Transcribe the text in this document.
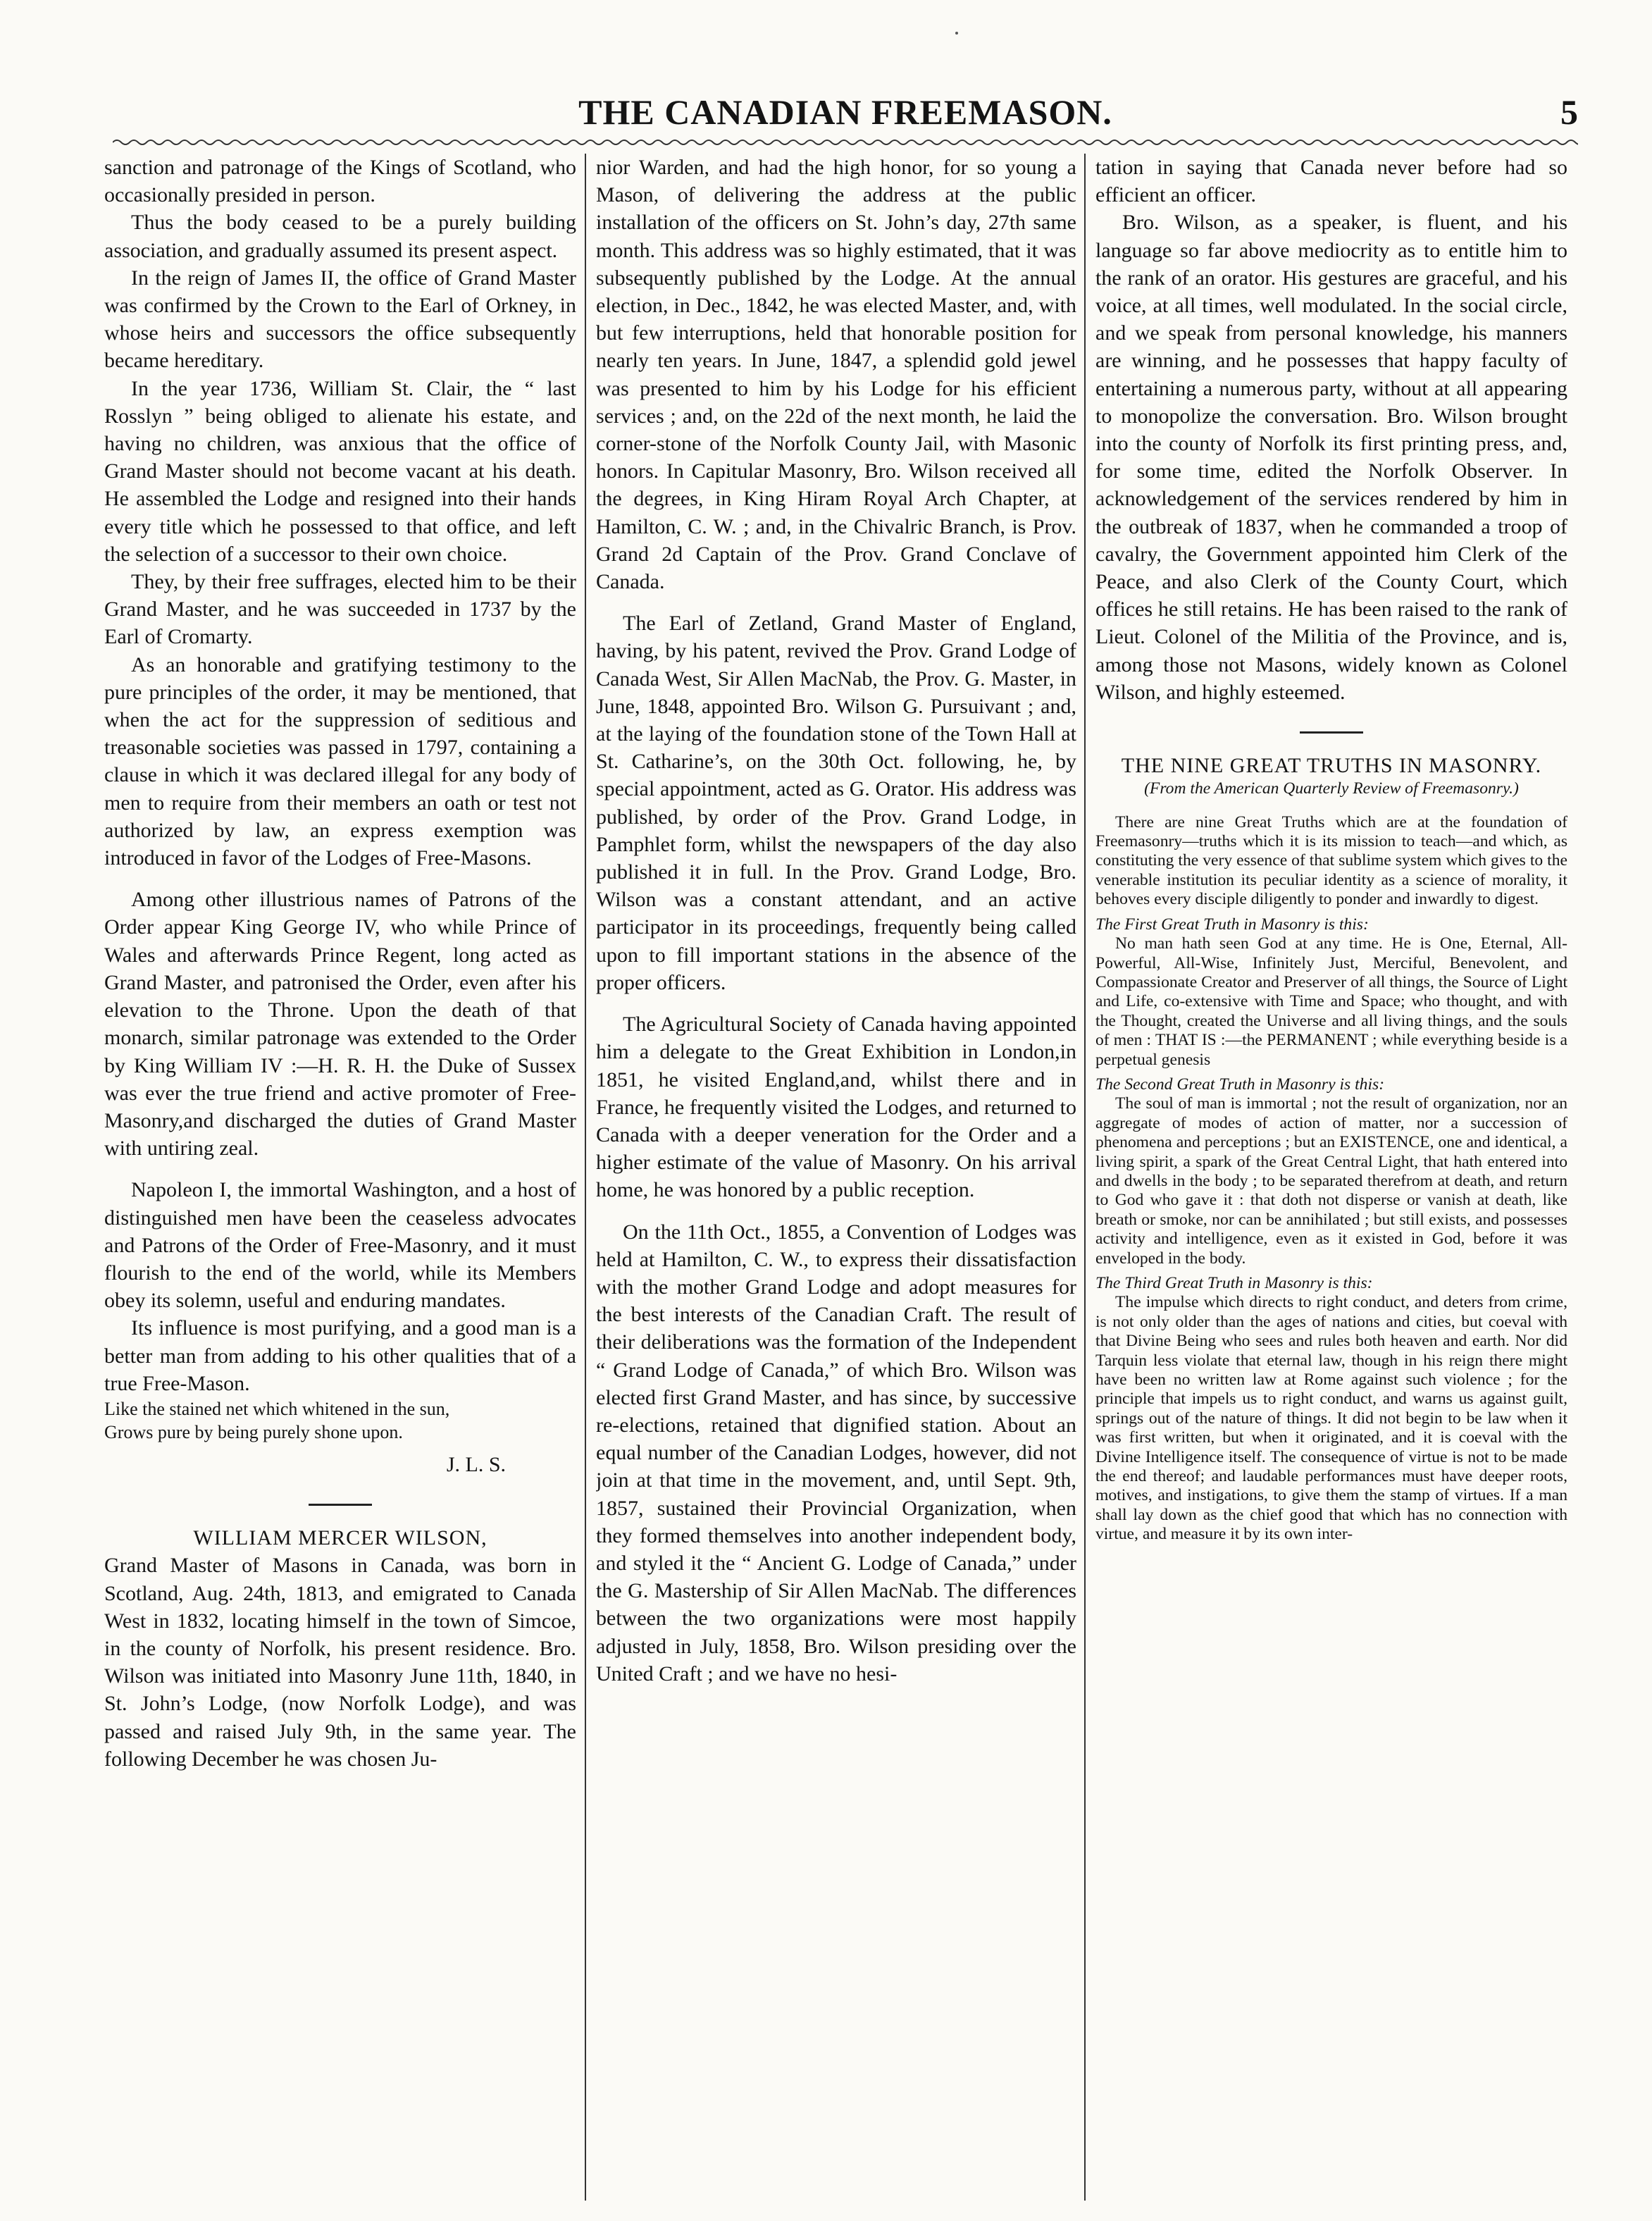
THE CANADIAN FREEMASON.	5

sanction and patronage of the Kings of Scotland, who occasionally presided in person.

Thus the body ceased to be a purely building association, and gradually assumed its present aspect.

In the reign of James II, the office of Grand Master was confirmed by the Crown to the Earl of Orkney, in whose heirs and successors the office subsequently became hereditary.

In the year 1736, William St. Clair, the “ last Rosslyn ” being obliged to alienate his estate, and having no children, was anxious that the office of Grand Master should not become vacant at his death. He assembled the Lodge and resigned into their hands every title which he possessed to that office, and left the selection of a successor to their own choice.

They, by their free suffrages, elected him to be their Grand Master, and he was succeeded in 1737 by the Earl of Cromarty.

As an honorable and gratifying testimony to the pure principles of the order, it may be mentioned, that when the act for the suppression of seditious and treasonable societies was passed in 1797, containing a clause in which it was declared illegal for any body of men to require from their members an oath or test not authorized by law, an express exemption was introduced in favor of the Lodges of Free-Masons.

Among other illustrious names of Patrons of the Order appear King George IV, who while Prince of Wales and afterwards Prince Regent, long acted as Grand Master, and patronised the Order, even after his elevation to the Throne. Upon the death of that monarch, similar patronage was extended to the Order by King William IV :—H. R. H. the Duke of Sussex was ever the true friend and active promoter of Free-Masonry,and discharged the duties of Grand Master with untiring zeal.

Napoleon I, the immortal Washington, and a host of distinguished men have been the ceaseless advocates and Patrons of the Order of Free-Masonry, and it must flourish to the end of the world, while its Members obey its solemn, useful and enduring mandates.

Its influence is most purifying, and a good man is a better man from adding to his other qualities that of a true Free-Mason.

Like the stained net which whitened in the sun,

Grows pure by being purely shone upon.

J. L. S.

WILLIAM MERCER WILSON,

Grand Master of Masons in Canada, was born in Scotland, Aug. 24th, 1813, and emigrated to Canada West in 1832, locating himself in the town of Simcoe, in the county of Norfolk, his present residence. Bro. Wilson was initiated into Masonry June 11th, 1840, in St. John’s Lodge, (now Norfolk Lodge), and was passed and raised July 9th, in the same year. The following December he was chosen Ju-

nior Warden, and had the high honor, for so young a Mason, of delivering the address at the public installation of the officers on St. John’s day, 27th same month. This address was so highly estimated, that it was subsequently published by the Lodge. At the annual election, in Dec., 1842, he was elected Master, and, with but few interruptions, held that honorable position for nearly ten years. In June, 1847, a splendid gold jewel was presented to him by his Lodge for his efficient services ; and, on the 22d of the next month, he laid the corner-stone of the Norfolk County Jail, with Masonic honors. In Capitular Masonry, Bro. Wilson received all the degrees, in King Hiram Royal Arch Chapter, at Hamilton, C. W. ; and, in the Chivalric Branch, is Prov. Grand 2d Captain of the Prov. Grand Conclave of Canada.

The Earl of Zetland, Grand Master of England, having, by his patent, revived the Prov. Grand Lodge of Canada West, Sir Allen MacNab, the Prov. G. Master, in June, 1848, appointed Bro. Wilson G. Pursuivant ; and, at the laying of the foundation stone of the Town Hall at St. Catharine’s, on the 30th Oct. following, he, by special appointment, acted as G. Orator. His address was published, by order of the Prov. Grand Lodge, in Pamphlet form, whilst the newspapers of the day also published it in full. In the Prov. Grand Lodge, Bro. Wilson was a constant attendant, and an active participator in its proceedings, frequently being called upon to fill important stations in the absence of the proper officers.

The Agricultural Society of Canada having appointed him a delegate to the Great Exhibition in London,in 1851, he visited England,and, whilst there and in France, he frequently visited the Lodges, and returned to Canada with a deeper veneration for the Order and a higher estimate of the value of Masonry. On his arrival home, he was honored by a public reception.

On the 11th Oct., 1855, a Convention of Lodges was held at Hamilton, C. W., to express their dissatisfaction with the mother Grand Lodge and adopt measures for the best interests of the Canadian Craft. The result of their deliberations was the formation of the Independent “ Grand Lodge of Canada,” of which Bro. Wilson was elected first Grand Master, and has since, by successive re-elections, retained that dignified station. About an equal number of the Canadian Lodges, however, did not join at that time in the movement, and, until Sept. 9th, 1857, sustained their Provincial Organization, when they formed themselves into another independent body, and styled it the “ Ancient G. Lodge of Canada,” under the G. Mastership of Sir Allen MacNab. The differences between the two organizations were most happily adjusted in July, 1858, Bro. Wilson presiding over the United Craft ; and we have no hesi-

tation in saying that Canada never before had so efficient an officer.

Bro. Wilson, as a speaker, is fluent, and his language so far above mediocrity as to entitle him to the rank of an orator. His gestures are graceful, and his voice, at all times, well modulated. In the social circle, and we speak from personal knowledge, his manners are winning, and he possesses that happy faculty of entertaining a numerous party, without at all appearing to monopolize the conversation. Bro. Wilson brought into the county of Norfolk its first printing press, and, for some time, edited the Norfolk Observer. In acknowledgement of the services rendered by him in the outbreak of 1837, when he commanded a troop of cavalry, the Government appointed him Clerk of the Peace, and also Clerk of the County Court, which offices he still retains. He has been raised to the rank of Lieut. Colonel of the Militia of the Province, and is, among those not Masons, widely known as Colonel Wilson, and highly esteemed.

THE NINE GREAT TRUTHS IN MASONRY.

(From the American Quarterly Review of Freemasonry.)

There are nine Great Truths which are at the foundation of Freemasonry—truths which it is its mission to teach—and which, as constituting the very essence of that sublime system which gives to the venerable institution its peculiar identity as a science of morality, it behoves every disciple diligently to ponder and inwardly to digest.

The First Great Truth in Masonry is this:

No man hath seen God at any time. He is One, Eternal, All-Powerful, All-Wise, Infinitely Just, Merciful, Benevolent, and Compassionate Creator and Preserver of all things, the Source of Light and Life, co-extensive with Time and Space; who thought, and with the Thought, created the Universe and all living things, and the souls of men : THAT IS :—the PERMANENT ; while everything beside is a perpetual genesis

The Second Great Truth in Masonry is this:

The soul of man is immortal ; not the result of organization, nor an aggregate of modes of action of matter, nor a succession of phenomena and perceptions ; but an EXISTENCE, one and identical, a living spirit, a spark of the Great Central Light, that hath entered into and dwells in the body ; to be separated therefrom at death, and return to God who gave it : that doth not disperse or vanish at death, like breath or smoke, nor can be annihilated ; but still exists, and possesses activity and intelligence, even as it existed in God, before it was enveloped in the body.

The Third Great Truth in Masonry is this:

The impulse which directs to right conduct, and deters from crime, is not only older than the ages of nations and cities, but coeval with that Divine Being who sees and rules both heaven and earth. Nor did Tarquin less violate that eternal law, though in his reign there might have been no written law at Rome against such violence ; for the principle that impels us to right conduct, and warns us against guilt, springs out of the nature of things. It did not begin to be law when it was first written, but when it originated, and it is coeval with the Divine Intelligence itself. The consequence of virtue is not to be made the end thereof; and laudable performances must have deeper roots, motives, and instigations, to give them the stamp of virtues. If a man shall lay down as the chief good that which has no connection with virtue, and measure it by its own inter-
